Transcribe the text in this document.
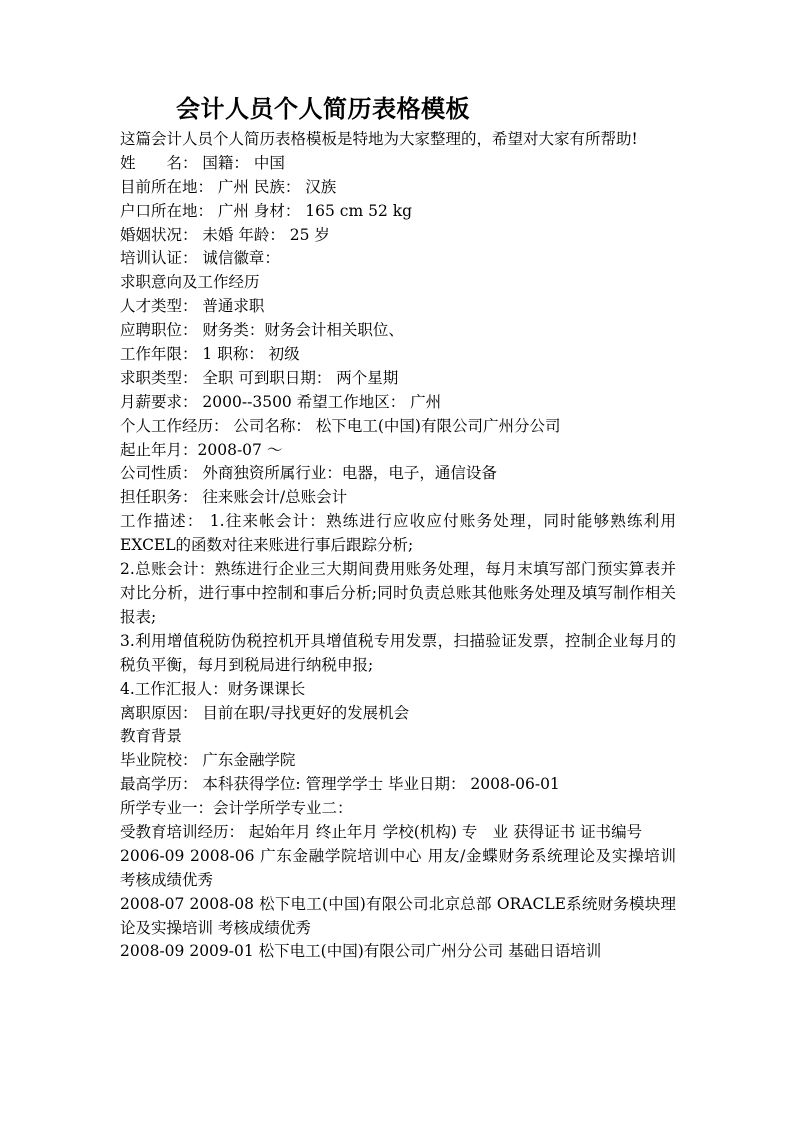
会计人员个人简历表格模板
这篇会计人员个人简历表格模板是特地为大家整理的，希望对大家有所帮助!
姓　　名： 国籍： 中国
目前所在地： 广州 民族： 汉族
户口所在地： 广州 身材： 165 cm 52 kg
婚姻状况： 未婚 年龄： 25 岁
培训认证： 诚信徽章：
求职意向及工作经历
人才类型： 普通求职
应聘职位： 财务类：财务会计相关职位、
工作年限： 1 职称： 初级
求职类型： 全职 可到职日期： 两个星期
月薪要求： 2000--3500 希望工作地区： 广州
个人工作经历： 公司名称： 松下电工(中国)有限公司广州分公司
起止年月：2008-07 ～
公司性质： 外商独资所属行业：电器，电子，通信设备
担任职务： 往来账会计/总账会计
工作描述： 1.往来帐会计：熟练进行应收应付账务处理，同时能够熟练利用EXCEL的函数对往来账进行事后跟踪分析;
2.总账会计：熟练进行企业三大期间费用账务处理，每月末填写部门预实算表并对比分析，进行事中控制和事后分析;同时负责总账其他账务处理及填写制作相关报表;
3.利用增值税防伪税控机开具增值税专用发票，扫描验证发票，控制企业每月的税负平衡，每月到税局进行纳税申报;
4.工作汇报人：财务课课长
离职原因： 目前在职/寻找更好的发展机会
教育背景
毕业院校： 广东金融学院
最高学历： 本科获得学位: 管理学学士 毕业日期： 2008-06-01
所学专业一：会计学所学专业二：
受教育培训经历： 起始年月 终止年月 学校(机构) 专　业 获得证书 证书编号
2006-09 2008-06 广东金融学院培训中心 用友/金蝶财务系统理论及实操培训 考核成绩优秀
2008-07 2008-08 松下电工(中国)有限公司北京总部 ORACLE系统财务模块理论及实操培训 考核成绩优秀
2008-09 2009-01 松下电工(中国)有限公司广州分公司 基础日语培训
